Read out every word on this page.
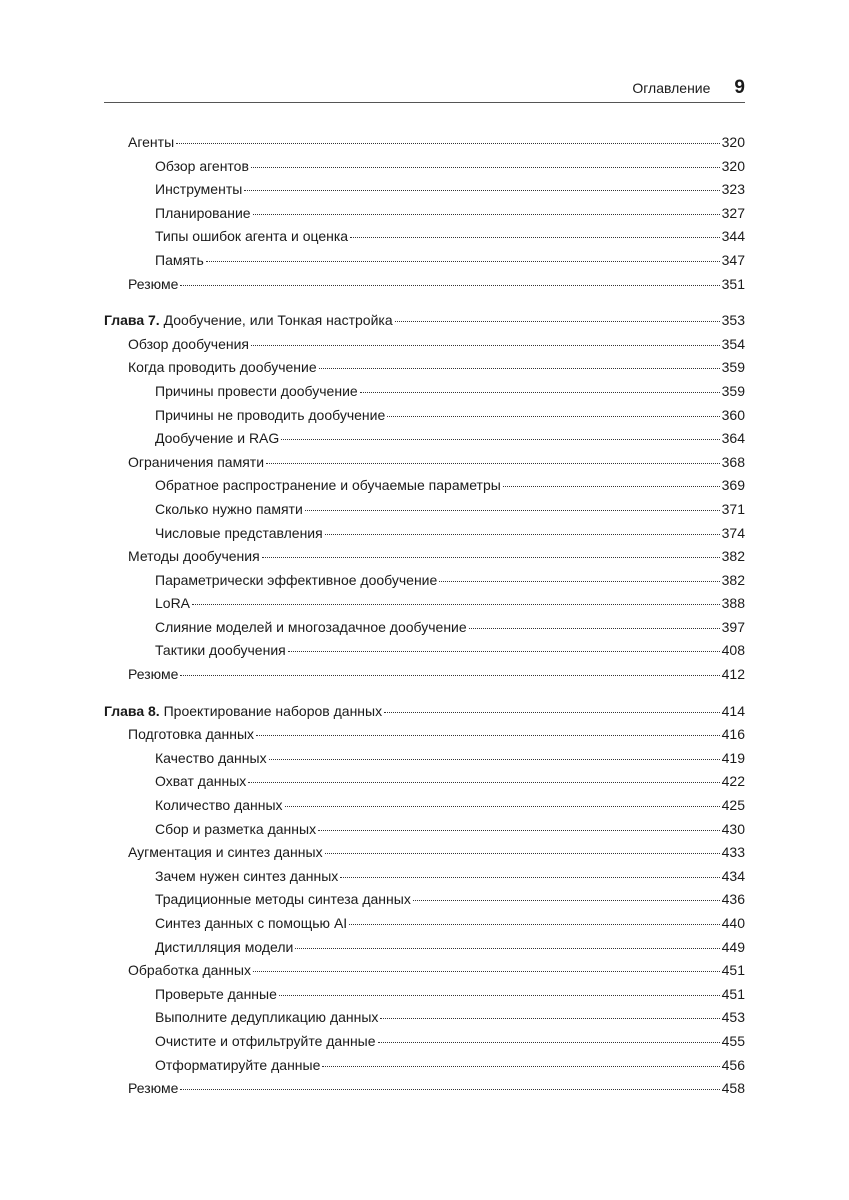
Оглавление 9
Агенты	320
Обзор агентов	320
Инструменты	323
Планирование	327
Типы ошибок агента и оценка	344
Память	347
Резюме	351
Глава 7. Дообучение, или Тонкая настройка	353
Обзор дообучения	354
Когда проводить дообучение	359
Причины провести дообучение	359
Причины не проводить дообучение	360
Дообучение и RAG	364
Ограничения памяти	368
Обратное распространение и обучаемые параметры	369
Сколько нужно памяти	371
Числовые представления	374
Методы дообучения	382
Параметрически эффективное дообучение	382
LoRA	388
Слияние моделей и многозадачное дообучение	397
Тактики дообучения	408
Резюме	412
Глава 8. Проектирование наборов данных	414
Подготовка данных	416
Качество данных	419
Охват данных	422
Количество данных	425
Сбор и разметка данных	430
Аугментация и синтез данных	433
Зачем нужен синтез данных	434
Традиционные методы синтеза данных	436
Синтез данных с помощью AI	440
Дистилляция модели	449
Обработка данных	451
Проверьте данные	451
Выполните дедупликацию данных	453
Очистите и отфильтруйте данные	455
Отформатируйте данные	456
Резюме	458
